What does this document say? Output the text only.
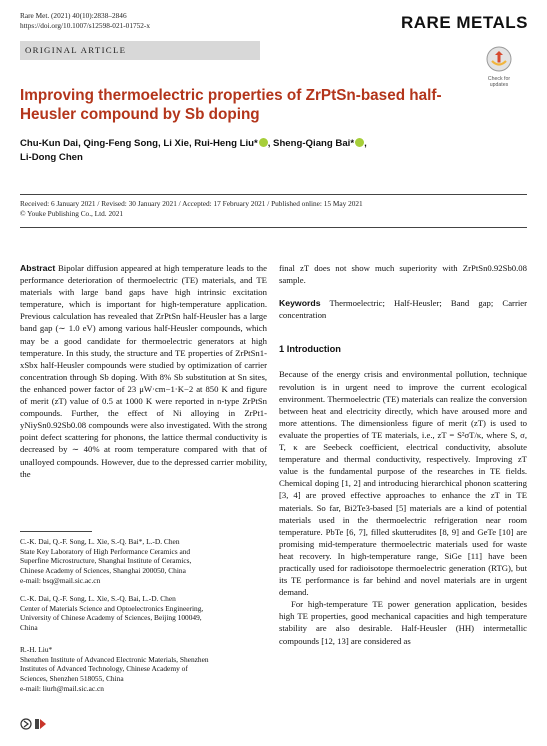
Rare Met. (2021) 40(10):2838–2846
https://doi.org/10.1007/s12598-021-01752-x	RARE METALS
ORIGINAL ARTICLE
Check for updates
Improving thermoelectric properties of ZrPtSn-based half-Heusler compound by Sb doping
Chu-Kun Dai, Qing-Feng Song, Li Xie, Rui-Heng Liu* , Sheng-Qiang Bai* ,
Li-Dong Chen
Received: 6 January 2021 / Revised: 30 January 2021 / Accepted: 17 February 2021 / Published online: 15 May 2021
© Youke Publishing Co., Ltd. 2021

Abstract Bipolar diffusion appeared at high temperature leads to the performance deterioration of thermoelectric (TE) materials, and TE materials with large band gaps have high intrinsic excitation temperature, which is important for high-temperature application. Previous calculation has revealed that ZrPtSn half-Heusler has a large band gap (∼ 1.0 eV) among various half-Heusler compounds, which may be a good candidate for thermoelectric generators at high temperature. In this study, the structure and TE properties of ZrPtSn1-xSbx half-Heusler compounds were studied by optimization of carrier concentration through Sb doping. With 8% Sb substitution at Sn sites, the enhanced power factor of 23 μW·cm−1·K−2 at 850 K and figure of merit (zT) value of 0.5 at 1000 K were reported in n-type ZrPtSn compounds. Further, the effect of Ni alloying in ZrPt1-yNiySn0.92Sb0.08 compounds were also investigated. With the strong point defect scattering for phonons, the lattice thermal conductivity is decreased by ∼ 40% at room temperature compared with that of unalloyed compounds. However, due to the depressed carrier mobility, the

final zT does not show much superiority with ZrPtSn0.92Sb0.08 sample.

Keywords Thermoelectric; Half-Heusler; Band gap; Carrier concentration

1 Introduction

Because of the energy crisis and environmental pollution, technique revolution is in urgent need to improve the current ecological environment. Thermoelectric (TE) materials can realize the conversion between heat and electricity directly, which have aroused more and more attentions. The dimensionless figure of merit (zT) is used to evaluate the properties of TE materials, i.e., zT = S²σT/κ, where S, σ, T, κ are Seebeck coefficient, electrical conductivity, absolute temperature and thermal conductivity, respectively. Improving zT value is the fundamental purpose of the researches in TE fields. Chemical doping [1, 2] and introducing hierarchical phonon scattering [3, 4] are proved effective approaches to enhance the zT in TE materials. So far, Bi2Te3-based [5] materials are a kind of potential materials used in the thermoelectric refrigeration near room temperature. PbTe [6, 7], filled skutterudites [8, 9] and GeTe [10] are promising mid-temperature thermoelectric materials used for waste heat recovery. In high-temperature range, SiGe [11] have been practically used for radioisotope thermoelectric generation (RTG), but its TE performance is far behind and novel materials are in urgent demand.

For high-temperature TE power generation application, besides high TE properties, good mechanical capacities and high temperature stability are also desirable. Half-Heusler (HH) intermetallic compounds [12, 13] are considered as

C.-K. Dai, Q.-F. Song, L. Xie, S.-Q. Bai*, L.-D. Chen
State Key Laboratory of High Performance Ceramics and
Superfine Microstructure, Shanghai Institute of Ceramics,
Chinese Academy of Sciences, Shanghai 200050, China
e-mail: bsq@mail.sic.ac.cn
C.-K. Dai, Q.-F. Song, L. Xie, S.-Q. Bai, L.-D. Chen
Center of Materials Science and Optoelectronics Engineering,
University of Chinese Academy of Sciences, Beijing 100049,
China
R.-H. Liu*
Shenzhen Institute of Advanced Electronic Materials, Shenzhen
Institutes of Advanced Technology, Chinese Academy of
Sciences, Shenzhen 518055, China
e-mail: liurh@mail.sic.ac.cn
